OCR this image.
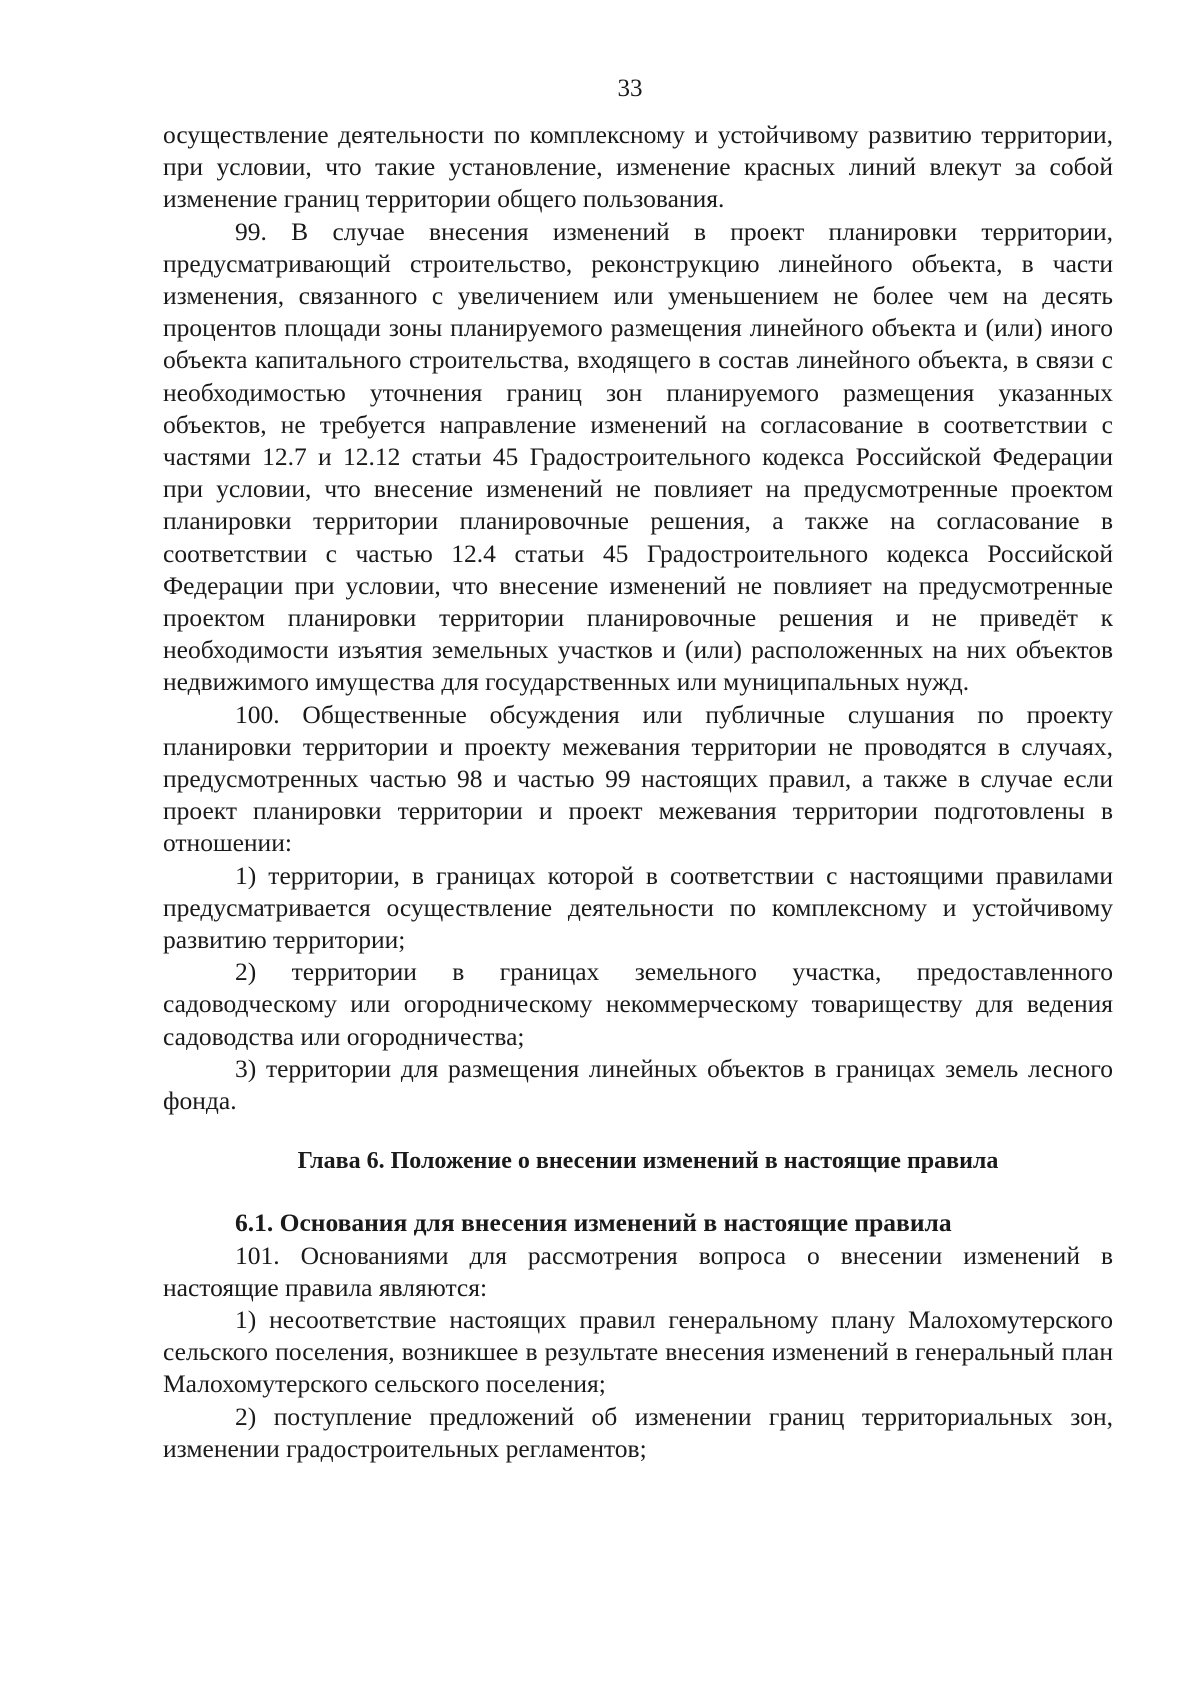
33

осуществление деятельности по комплексному и устойчивому развитию территории, при условии, что такие установление, изменение красных линий влекут за собой изменение границ территории общего пользования.

99. В случае внесения изменений в проект планировки территории, предусматривающий строительство, реконструкцию линейного объекта, в части изменения, связанного с увеличением или уменьшением не более чем на десять процентов площади зоны планируемого размещения линейного объекта и (или) иного объекта капитального строительства, входящего в состав линейного объекта, в связи с необходимостью уточнения границ зон планируемого размещения указанных объектов, не требуется направление изменений на согласование в соответствии с частями 12.7 и 12.12 статьи 45 Градостроительного кодекса Российской Федерации при условии, что внесение изменений не повлияет на предусмотренные проектом планировки территории планировочные решения, а также на согласование в соответствии с частью 12.4 статьи 45 Градостроительного кодекса Российской Федерации при условии, что внесение изменений не повлияет на предусмотренные проектом планировки территории планировочные решения и не приведёт к необходимости изъятия земельных участков и (или) расположенных на них объектов недвижимого имущества для государственных или муниципальных нужд.

100. Общественные обсуждения или публичные слушания по проекту планировки территории и проекту межевания территории не проводятся в случаях, предусмотренных частью 98 и частью 99 настоящих правил, а также в случае если проект планировки территории и проект межевания территории подготовлены в отношении:

1) территории, в границах которой в соответствии с настоящими правилами предусматривается осуществление деятельности по комплексному и устойчивому развитию территории;

2) территории в границах земельного участка, предоставленного садоводческому или огородническому некоммерческому товариществу для ведения садоводства или огородничества;

3) территории для размещения линейных объектов в границах земель лесного фонда.

Глава 6. Положение о внесении изменений в настоящие правила

6.1. Основания для внесения изменений в настоящие правила

101. Основаниями для рассмотрения вопроса о внесении изменений в настоящие правила являются:

1) несоответствие настоящих правил генеральному плану Малохомутерского сельского поселения, возникшее в результате внесения изменений в генеральный план Малохомутерского сельского поселения;

2) поступление предложений об изменении границ территориальных зон, изменении градостроительных регламентов;
